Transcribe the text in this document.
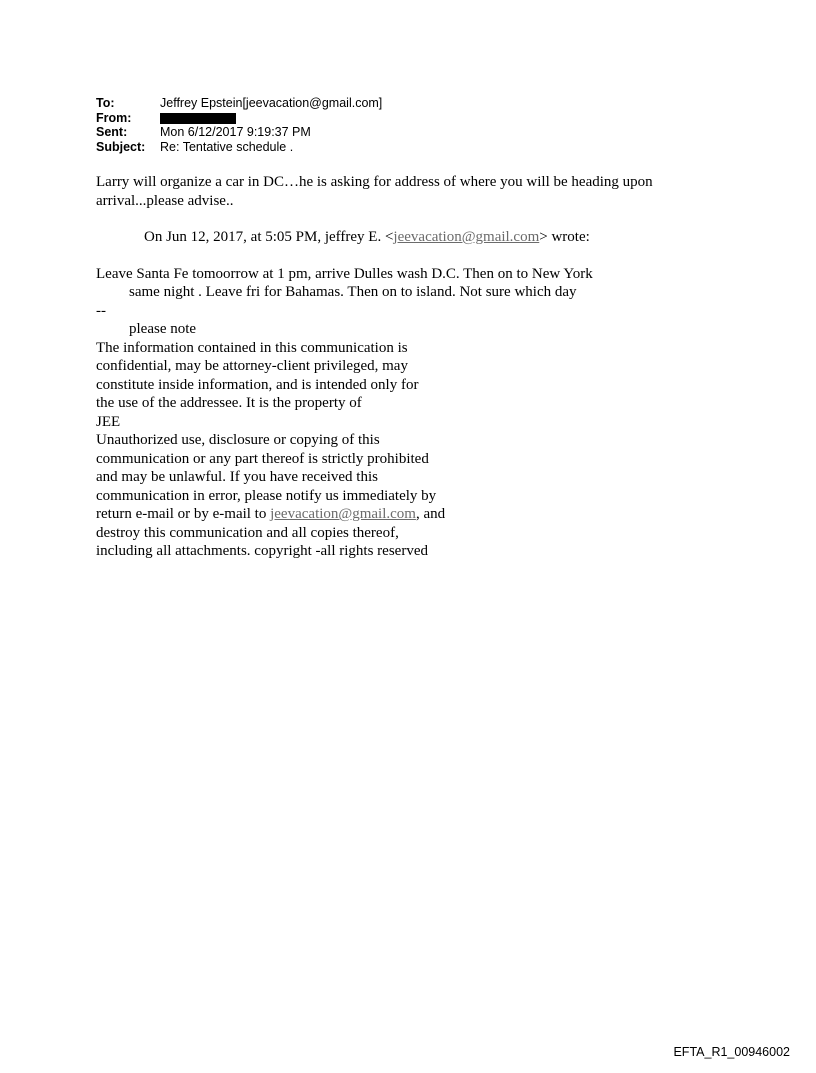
To:	Jeffrey Epstein[jeevacation@gmail.com]
From:
Sent:	Mon 6/12/2017 9:19:37 PM
Subject:	Re: Tentative schedule .

Larry will organize a car in DC…he is asking for address of where you will be heading upon

arrival...please advise..

On Jun 12, 2017, at 5:05 PM, jeffrey E. <jeevacation@gmail.com> wrote:

Leave Santa Fe tomoorrow at 1 pm, arrive Dulles wash D.C. Then on to New York

same night . Leave fri for Bahamas. Then on to island. Not sure which day

--

please note

The information contained in this communication is

confidential, may be attorney-client privileged, may

constitute inside information, and is intended only for

the use of the addressee. It is the property of

JEE

Unauthorized use, disclosure or copying of this

communication or any part thereof is strictly prohibited

and may be unlawful. If you have received this

communication in error, please notify us immediately by

return e-mail or by e-mail to jeevacation@gmail.com, and

destroy this communication and all copies thereof,

including all attachments. copyright -all rights reserved

EFTA_R1_00946002
